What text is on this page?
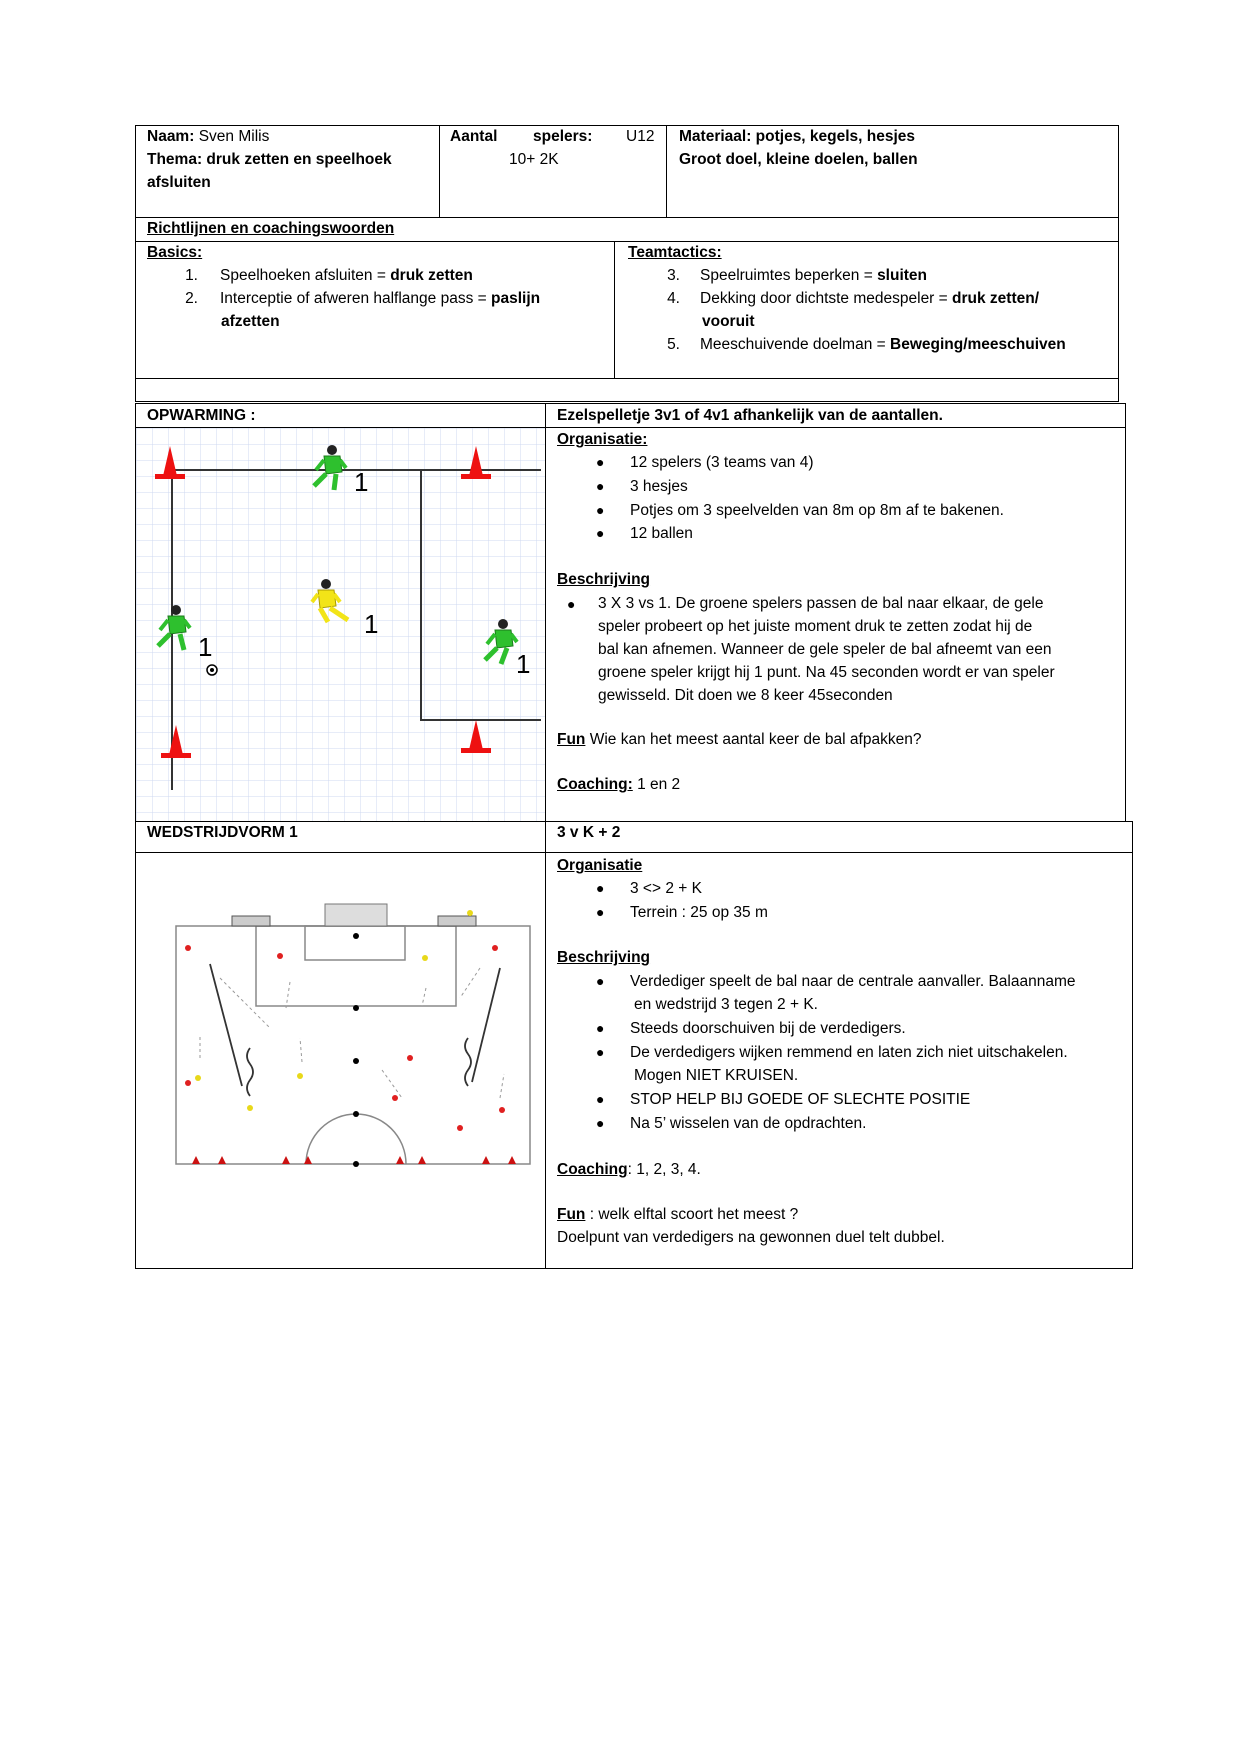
Naam: Sven Milis
Thema: druk zetten en speelhoek
afsluiten
Aantal spelers: U12
10+ 2K
Materiaal: potjes, kegels, hesjes
Groot doel, kleine doelen, ballen
Richtlijnen en coachingswoorden
Basics:
1. Speelhoeken afsluiten = druk zetten
2. Interceptie of afweren halflange pass = paslijn
afzetten
Teamtactics:
3. Speelruimtes beperken = sluiten
4. Dekking door dichtste medespeler = druk zetten/
vooruit
5. Meeschuivende doelman = Beweging/meeschuiven
OPWARMING :	Ezelspelletje 3v1 of 4v1 afhankelijk van de aantallen.
1
1
1
1
Organisatie:
● 12 spelers (3 teams van 4)
● 3 hesjes
● Potjes om 3 speelvelden van 8m op 8m af te bakenen.
● 12 ballen
Beschrijving
● 3 X 3 vs 1. De groene spelers passen de bal naar elkaar, de gele
speler probeert op het juiste moment druk te zetten zodat hij de
bal kan afnemen. Wanneer de gele speler de bal afneemt van een
groene speler krijgt hij 1 punt. Na 45 seconden wordt er van speler
gewisseld. Dit doen we 8 keer 45seconden
Fun Wie kan het meest aantal keer de bal afpakken?
Coaching: 1 en 2
WEDSTRIJDVORM 1	3 v K + 2
Organisatie
● 3 <> 2 + K
● Terrein : 25 op 35 m
Beschrijving
● Verdediger speelt de bal naar de centrale aanvaller. Balaanname
en wedstrijd 3 tegen 2 + K.
● Steeds doorschuiven bij de verdedigers.
● De verdedigers wijken remmend en laten zich niet uitschakelen.
Mogen NIET KRUISEN.
● STOP HELP BIJ GOEDE OF SLECHTE POSITIE
● Na 5’ wisselen van de opdrachten.
Coaching: 1, 2, 3, 4.
Fun : welk elftal scoort het meest ?
Doelpunt van verdedigers na gewonnen duel telt dubbel.
